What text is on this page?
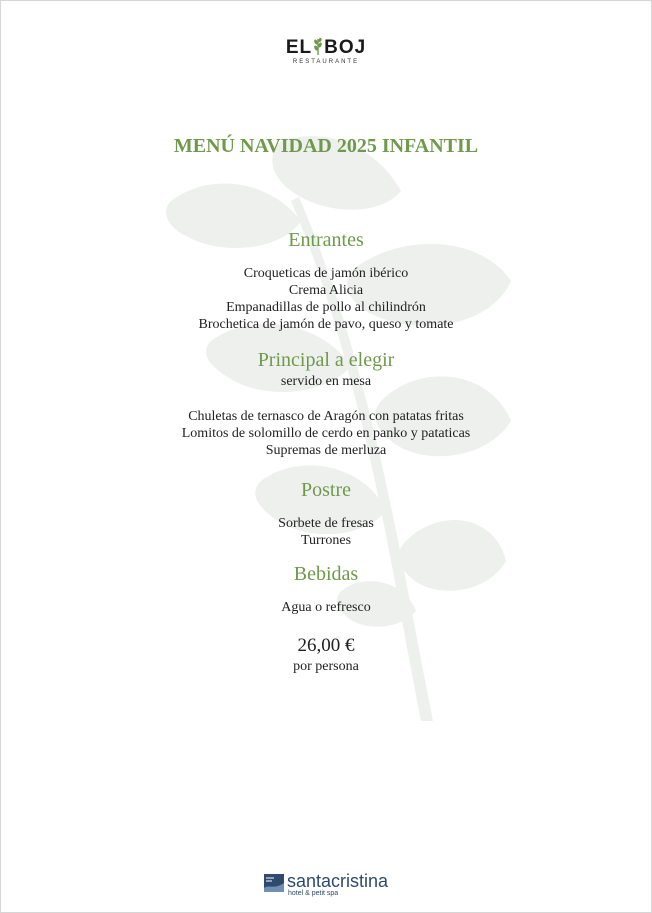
EL BOJ
RESTAURANTE
MENÚ NAVIDAD 2025 INFANTIL

Entrantes

Croqueticas de jamón ibérico

Crema Alicia

Empanadillas de pollo al chilindrón

Brochetica de jamón de pavo, queso y tomate

Principal a elegir

servido en mesa

Chuletas de ternasco de Aragón con patatas fritas

Lomitos de solomillo de cerdo en panko y pataticas

Supremas de merluza

Postre

Sorbete de fresas

Turrones

Bebidas

Agua o refresco

26,00 €

por persona

santacristina
hotel & petit spa
